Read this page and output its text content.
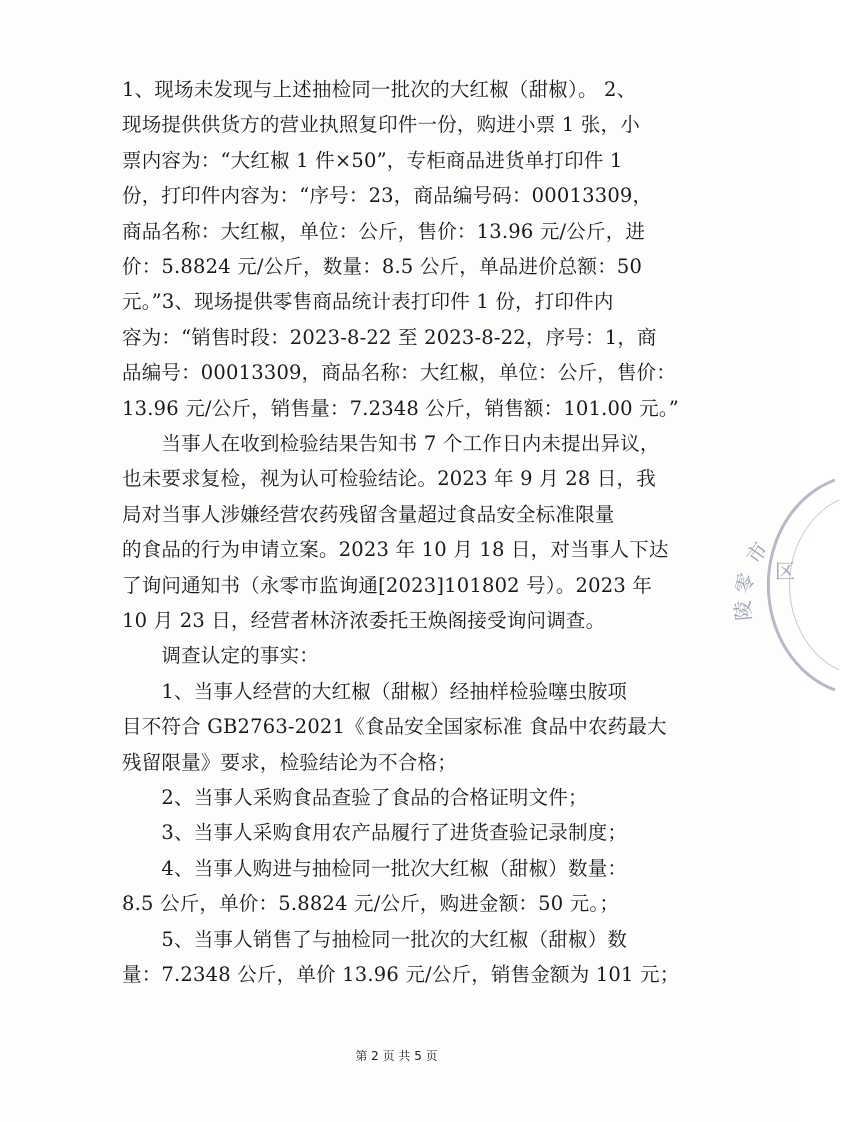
1、现场未发现与上述抽检同一批次的大红椒（甜椒）。 2、
现场提供供货方的营业执照复印件一份，购进小票 1 张，小
票内容为：“大红椒 1 件×50”，专柜商品进货单打印件 1
份，打印件内容为：“序号：23，商品编号码：00013309，
商品名称：大红椒，单位：公斤，售价：13.96 元/公斤，进
价：5.8824 元/公斤，数量：8.5 公斤，单品进价总额：50
元。”3、现场提供零售商品统计表打印件 1 份，打印件内
容为：“销售时段：2023-8-22 至 2023-8-22，序号：1，商
品编号：00013309，商品名称：大红椒，单位：公斤，售价：
13.96 元/公斤，销售量：7.2348 公斤，销售额：101.00 元。”
　　当事人在收到检验结果告知书 7 个工作日内未提出异议，
也未要求复检，视为认可检验结论。2023 年 9 月 28 日，我
局对当事人涉嫌经营农药残留含量超过食品安全标准限量
的食品的行为申请立案。2023 年 10 月 18 日，对当事人下达
了询问通知书（永零市监询通[2023]101802 号）。2023 年
10 月 23 日，经营者林济浓委托王焕阁接受询问调查。
　　调查认定的事实：
　　1、当事人经营的大红椒（甜椒）经抽样检验噻虫胺项
目不符合 GB2763-2021《食品安全国家标准 食品中农药最大
残留限量》要求，检验结论为不合格；
　　2、当事人采购食品查验了食品的合格证明文件；
　　3、当事人采购食用农产品履行了进货查验记录制度；
　　4、当事人购进与抽检同一批次大红椒（甜椒）数量：
8.5 公斤，单价：5.8824 元/公斤，购进金额：50 元。；
　　5、当事人销售了与抽检同一批次的大红椒（甜椒）数
量：7.2348 公斤，单价 13.96 元/公斤，销售金额为 101 元；
市
零
陵
区
第 2 页 共 5 页
